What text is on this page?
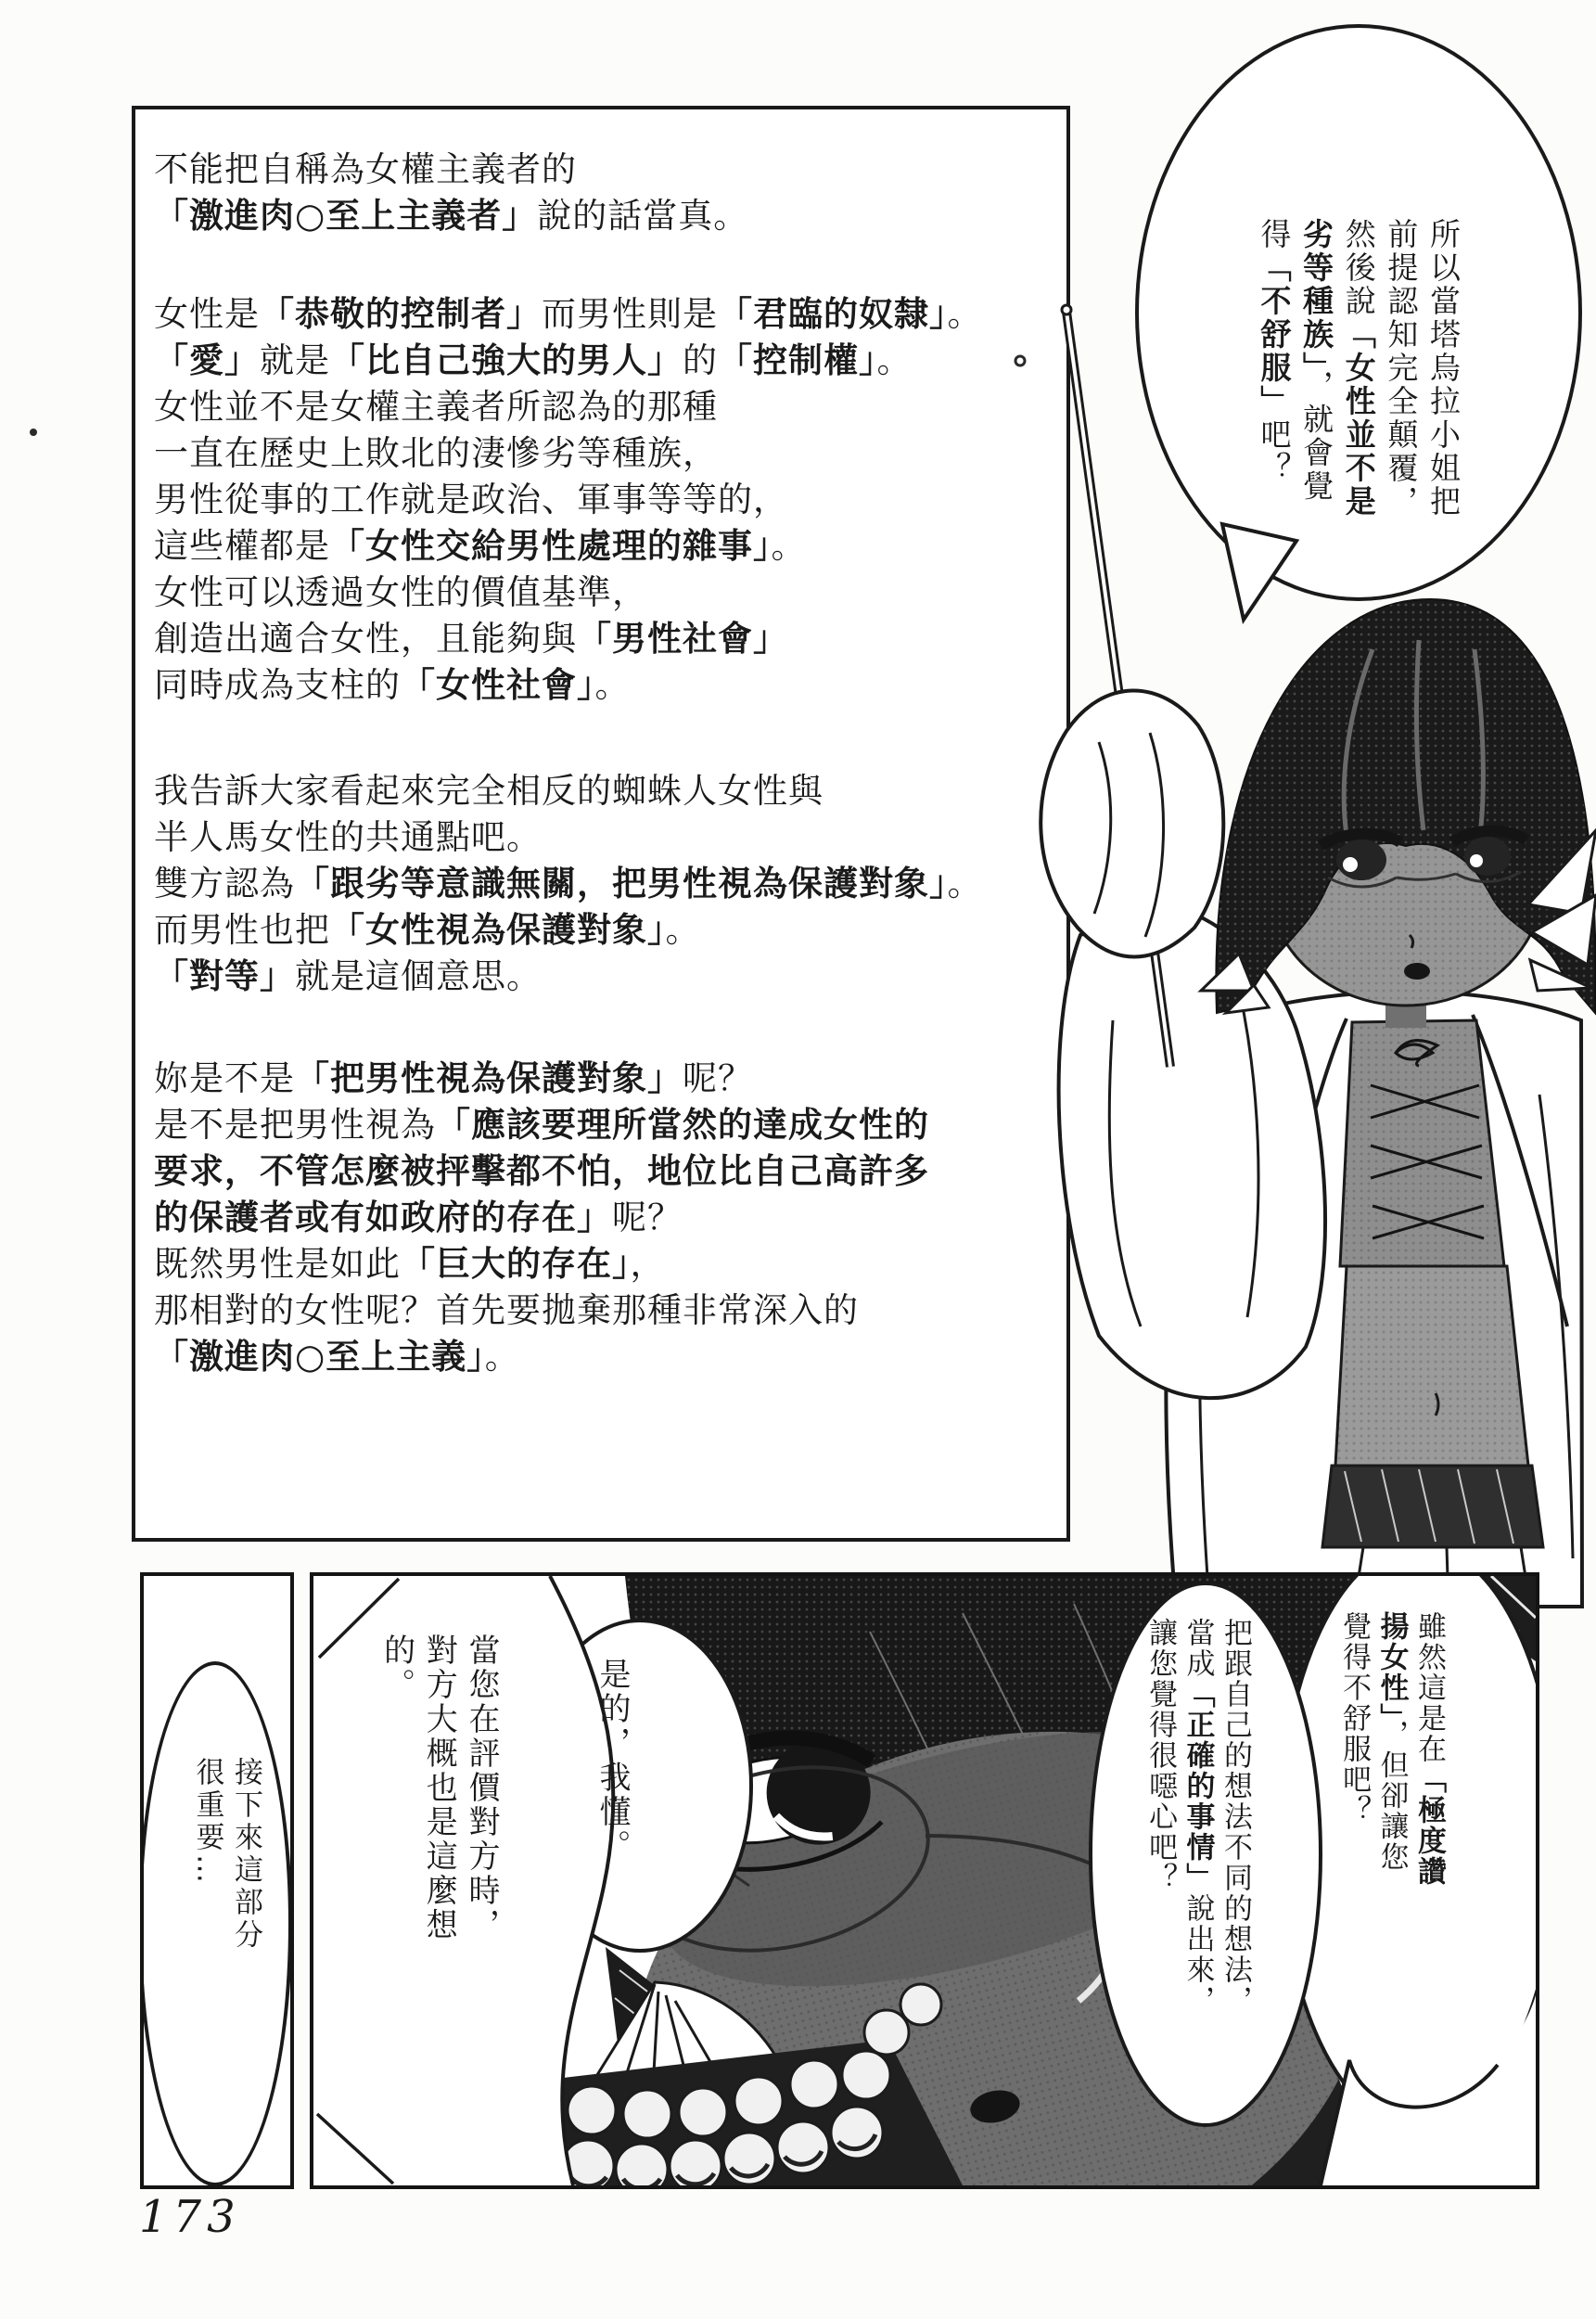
不能把自稱為女權主義者的
「激進肉○至上主義者」說的話當真。
女性是「恭敬的控制者」而男性則是「君臨的奴隸」。
「愛」就是「比自己強大的男人」的「控制權」。
女性並不是女權主義者所認為的那種
一直在歷史上敗北的淒慘劣等種族，
男性從事的工作就是政治、軍事等等的，
這些權都是「女性交給男性處理的雜事」。
女性可以透過女性的價值基準，
創造出適合女性，且能夠與「男性社會」
同時成為支柱的「女性社會」。
我告訴大家看起來完全相反的蜘蛛人女性與
半人馬女性的共通點吧。
雙方認為「跟劣等意識無關，把男性視為保護對象」。
而男性也把「女性視為保護對象」。
「對等」就是這個意思。
妳是不是「把男性視為保護對象」呢？
是不是把男性視為「應該要理所當然的達成女性的
要求，不管怎麼被抨擊都不怕，地位比自己高許多
的保護者或有如政府的存在」呢？
既然男性是如此「巨大的存在」，
那相對的女性呢？首先要拋棄那種非常深入的
「激進肉○至上主義」。
所以當塔烏拉小姐把
前提認知完全顛覆，
然後說「女性並不是
劣等種族」，就會覺
得「不舒服」吧？
接下來這部分
很重要…
雖然這是在「極度讚
揚女性」，但卻讓您
覺得不舒服吧？
把跟自己的想法不同的想法，
當成「正確的事情」說出來，
讓您覺得很噁心吧？
是的，我懂。
當您在評價對方時，
對方大概也是這麼想
的。
173
